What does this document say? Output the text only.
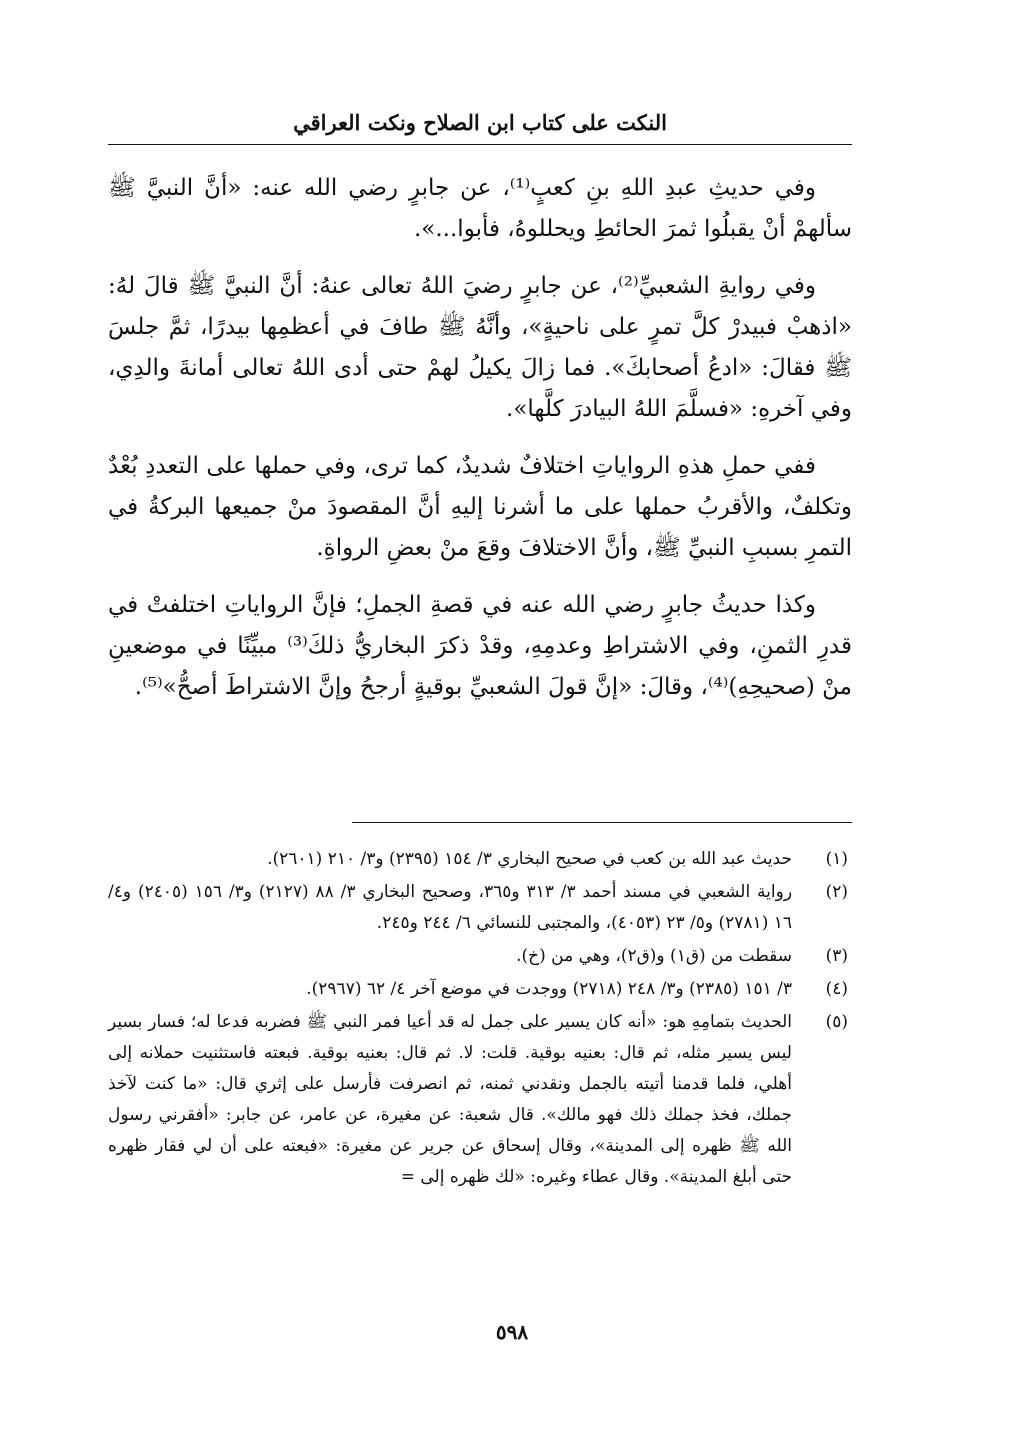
النكت على كتاب ابن الصلاح ونكت العراقي

وفي حديثِ عبدِ اللهِ بنِ كعبٍ⁽¹⁾، عن جابرٍ رضي الله عنه: «أنَّ النبيَّ ﷺ سألهمْ أنْ يقبلُوا ثمرَ الحائطِ ويحللوهُ، فأبوا...».

وفي روايةِ الشعبيِّ⁽²⁾، عن جابرٍ رضيَ اللهُ تعالى عنهُ: أنَّ النبيَّ ﷺ قالَ لهُ: «اذهبْ فبيدرْ كلَّ تمرٍ على ناحيةٍ»، وأنَّهُ ﷺ طافَ في أعظمِها بيدرًا، ثمَّ جلسَ ﷺ فقالَ: «ادعُ أصحابكَ». فما زالَ يكيلُ لهمْ حتى أدى اللهُ تعالى أمانةَ والدِي، وفي آخرهِ: «فسلَّمَ اللهُ البيادرَ كلَّها».

ففي حملِ هذهِ الرواياتِ اختلافٌ شديدٌ، كما ترى، وفي حملها على التعددِ بُعْدٌ وتكلفٌ، والأقربُ حملها على ما أشرنا إليهِ أنَّ المقصودَ منْ جميعها البركةُ في التمرِ بسببِ النبيِّ ﷺ، وأنَّ الاختلافَ وقعَ منْ بعضِ الرواةِ.

وكذا حديثُ جابرٍ رضي الله عنه في قصةِ الجملِ؛ فإنَّ الرواياتِ اختلفتْ في قدرِ الثمنِ، وفي الاشتراطِ وعدمِهِ، وقدْ ذكرَ البخاريُّ ذلكَ⁽³⁾ مبيِّنًا في موضعينِ منْ (صحيحِهِ)⁽⁴⁾، وقالَ: «إنَّ قولَ الشعبيِّ بوقيةٍ أرجحُ وإنَّ الاشتراطَ أصحُّ»⁽⁵⁾.

(١)
حديث عبد الله بن كعب في صحيح البخاري ٣/ ١٥٤ (٢٣٩٥) و٣/ ٢١٠ (٢٦٠١).
(٢)
رواية الشعبي في مسند أحمد ٣/ ٣١٣ و٣٦٥، وصحيح البخاري ٣/ ٨٨ (٢١٢٧) و٣/ ١٥٦ (٢٤٠٥) و٤/ ١٦ (٢٧٨١) و٥/ ٢٣ (٤٠٥٣)، والمجتبى للنسائي ٦/ ٢٤٤ و٢٤٥.
(٣)
سقطت من (ق١) و(ق٢)، وهي من (خ).
(٤)
٣/ ١٥١ (٢٣٨٥) و٣/ ٢٤٨ (٢٧١٨) ووجدت في موضع آخر ٤/ ٦٢ (٢٩٦٧).
(٥)
الحديث بتمامِهِ هو: «أنه كان يسير على جمل له قد أعيا فمر النبي ﷺ فضربه فدعا له؛ فسار بسير ليس يسير مثله، ثم قال: بعنيه بوقية. قلت: لا. ثم قال: بعنيه بوقية. فبعته فاستثنيت حملانه إلى أهلي، فلما قدمنا أتيته بالجمل ونقدني ثمنه، ثم انصرفت فأرسل على إثري قال: «ما كنت لآخذ جملك، فخذ جملك ذلك فهو مالك». قال شعبة: عن مغيرة، عن عامر، عن جابر: «أفقرني رسول الله ﷺ ظهره إلى المدينة»، وقال إسحاق عن جرير عن مغيرة: «فبعته على أن لي فقار ظهره حتى أبلغ المدينة». وقال عطاء وغيره: «لك ظهره إلى =
٥٩٨
